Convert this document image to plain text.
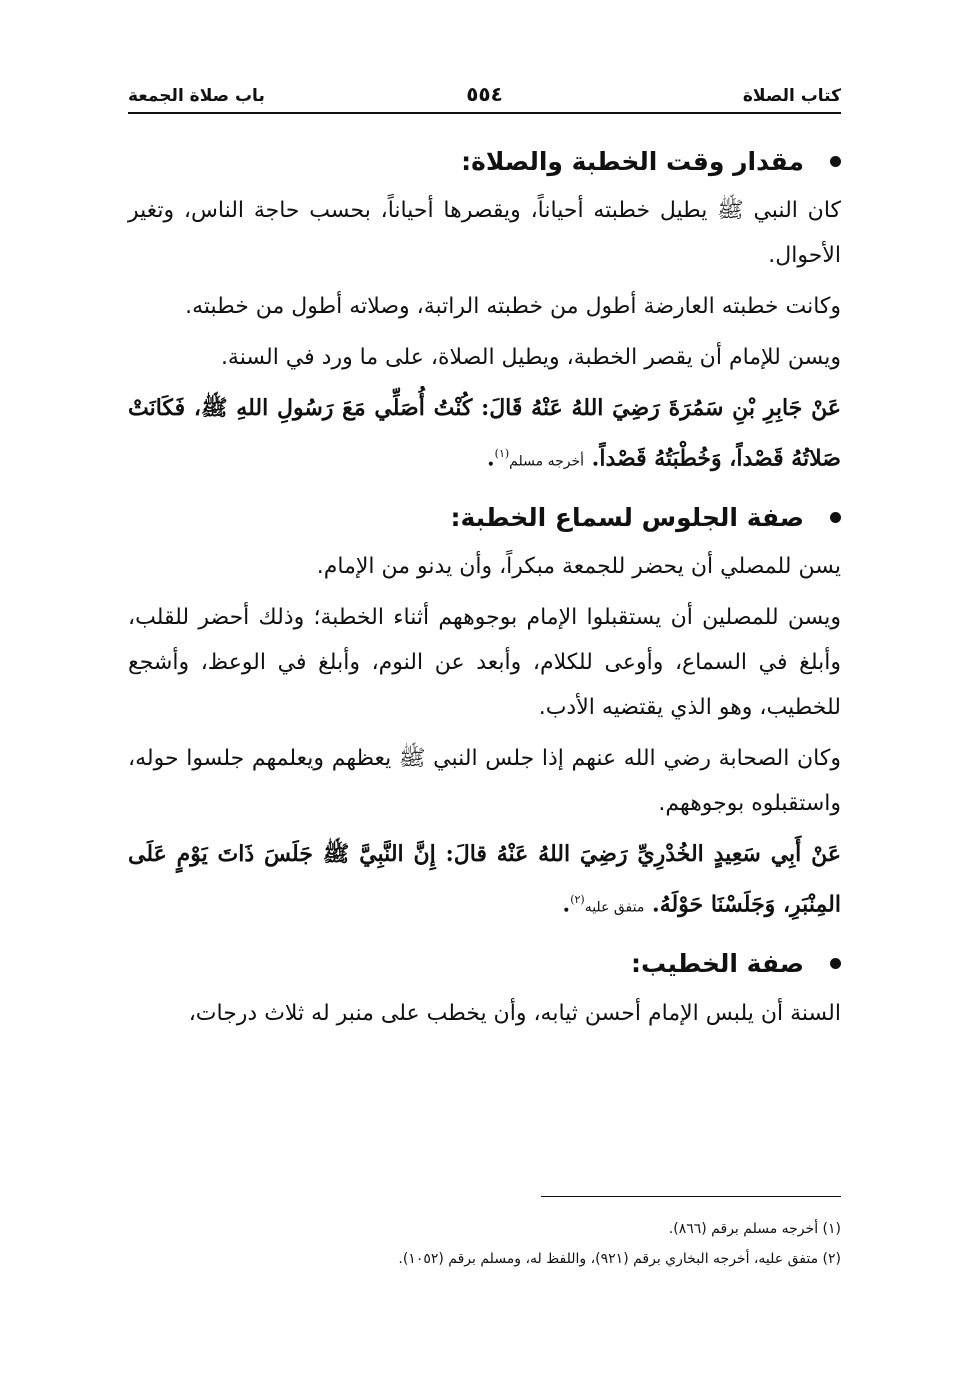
كتاب الصلاة
٥٥٤
باب صلاة الجمعة
مقدار وقت الخطبة والصلاة:

كان النبي ﷺ يطيل خطبته أحياناً، ويقصرها أحياناً، بحسب حاجة الناس، وتغير الأحوال.

وكانت خطبته العارضة أطول من خطبته الراتبة، وصلاته أطول من خطبته.

ويسن للإمام أن يقصر الخطبة، ويطيل الصلاة، على ما ورد في السنة.

عَنْ جَابِرِ بْنِ سَمُرَةَ رَضِيَ اللهُ عَنْهُ قَالَ: كُنْتُ أُصَلِّي مَعَ رَسُولِ اللهِ ﷺ، فَكَانَتْ صَلاتُهُ قَصْداً، وَخُطْبَتُهُ قَصْداً. أخرجه مسلم$^{(١)}$.

صفة الجلوس لسماع الخطبة:

يسن للمصلي أن يحضر للجمعة مبكراً، وأن يدنو من الإمام.

ويسن للمصلين أن يستقبلوا الإمام بوجوههم أثناء الخطبة؛ وذلك أحضر للقلب، وأبلغ في السماع، وأوعى للكلام، وأبعد عن النوم، وأبلغ في الوعظ، وأشجع للخطيب، وهو الذي يقتضيه الأدب.

وكان الصحابة رضي الله عنهم إذا جلس النبي ﷺ يعظهم ويعلمهم جلسوا حوله، واستقبلوه بوجوههم.

عَنْ أَبِي سَعِيدٍ الخُدْرِيِّ رَضِيَ اللهُ عَنْهُ قالَ: إِنَّ النَّبِيَّ ﷺ جَلَسَ ذَاتَ يَوْمٍ عَلَى المِنْبَرِ، وَجَلَسْنَا حَوْلَهُ. متفق عليه$^{(٢)}$.

صفة الخطيب:

السنة أن يلبس الإمام أحسن ثيابه، وأن يخطب على منبر له ثلاث درجات،

(١) أخرجه مسلم برقم (٨٦٦).
(٢) متفق عليه، أخرجه البخاري برقم (٩٢١)، واللفظ له، ومسلم برقم (١٠٥٢).
